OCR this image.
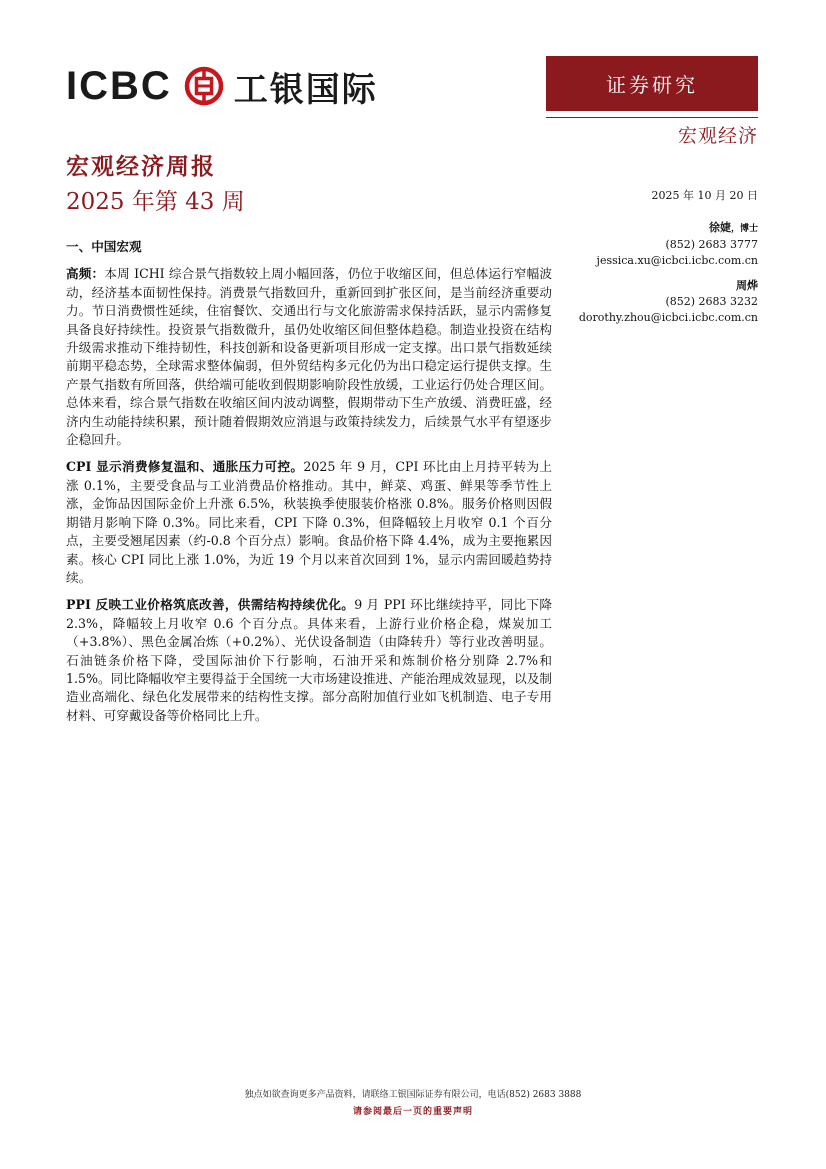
ICBC 工银国际	证券研究
宏观经济
宏观经济周报
2025 年第 43 周	2025 年 10 月 20 日
徐婕，博士
(852) 2683 3777
jessica.xu@icbci.icbc.com.cn
周烨
(852) 2683 3232
dorothy.zhou@icbci.icbc.com.cn
一、中国宏观

高频：本周 ICHI 综合景气指数较上周小幅回落，仍位于收缩区间，但总体运行窄幅波动，经济基本面韧性保持。消费景气指数回升，重新回到扩张区间，是当前经济重要动力。节日消费惯性延续，住宿餐饮、交通出行与文化旅游需求保持活跃，显示内需修复具备良好持续性。投资景气指数微升，虽仍处收缩区间但整体趋稳。制造业投资在结构升级需求推动下维持韧性，科技创新和设备更新项目形成一定支撑。出口景气指数延续前期平稳态势，全球需求整体偏弱，但外贸结构多元化仍为出口稳定运行提供支撑。生产景气指数有所回落，供给端可能收到假期影响阶段性放缓，工业运行仍处合理区间。总体来看，综合景气指数在收缩区间内波动调整，假期带动下生产放缓、消费旺盛，经济内生动能持续积累，预计随着假期效应消退与政策持续发力，后续景气水平有望逐步企稳回升。

CPI 显示消费修复温和、通胀压力可控。2025 年 9 月，CPI 环比由上月持平转为上涨 0.1%，主要受食品与工业消费品价格推动。其中，鲜菜、鸡蛋、鲜果等季节性上涨，金饰品因国际金价上升涨 6.5%，秋装换季使服装价格涨 0.8%。服务价格则因假期错月影响下降 0.3%。同比来看，CPI 下降 0.3%，但降幅较上月收窄 0.1 个百分点，主要受翘尾因素（约-0.8 个百分点）影响。食品价格下降 4.4%，成为主要拖累因素。核心 CPI 同比上涨 1.0%，为近 19 个月以来首次回到 1%，显示内需回暖趋势持续。

PPI 反映工业价格筑底改善，供需结构持续优化。9 月 PPI 环比继续持平，同比下降 2.3%，降幅较上月收窄 0.6 个百分点。具体来看，上游行业价格企稳，煤炭加工（+3.8%）、黑色金属冶炼（+0.2%）、光伏设备制造（由降转升）等行业改善明显。石油链条价格下降，受国际油价下行影响，石油开采和炼制价格分别降 2.7%和 1.5%。同比降幅收窄主要得益于全国统一大市场建设推进、产能治理成效显现，以及制造业高端化、绿色化发展带来的结构性支撑。部分高附加值行业如飞机制造、电子专用材料、可穿戴设备等价格同比上升。

独点如欲查询更多产品资料，请联络工银国际证券有限公司，电话(852) 2683 3888
请参阅最后一页的重要声明
